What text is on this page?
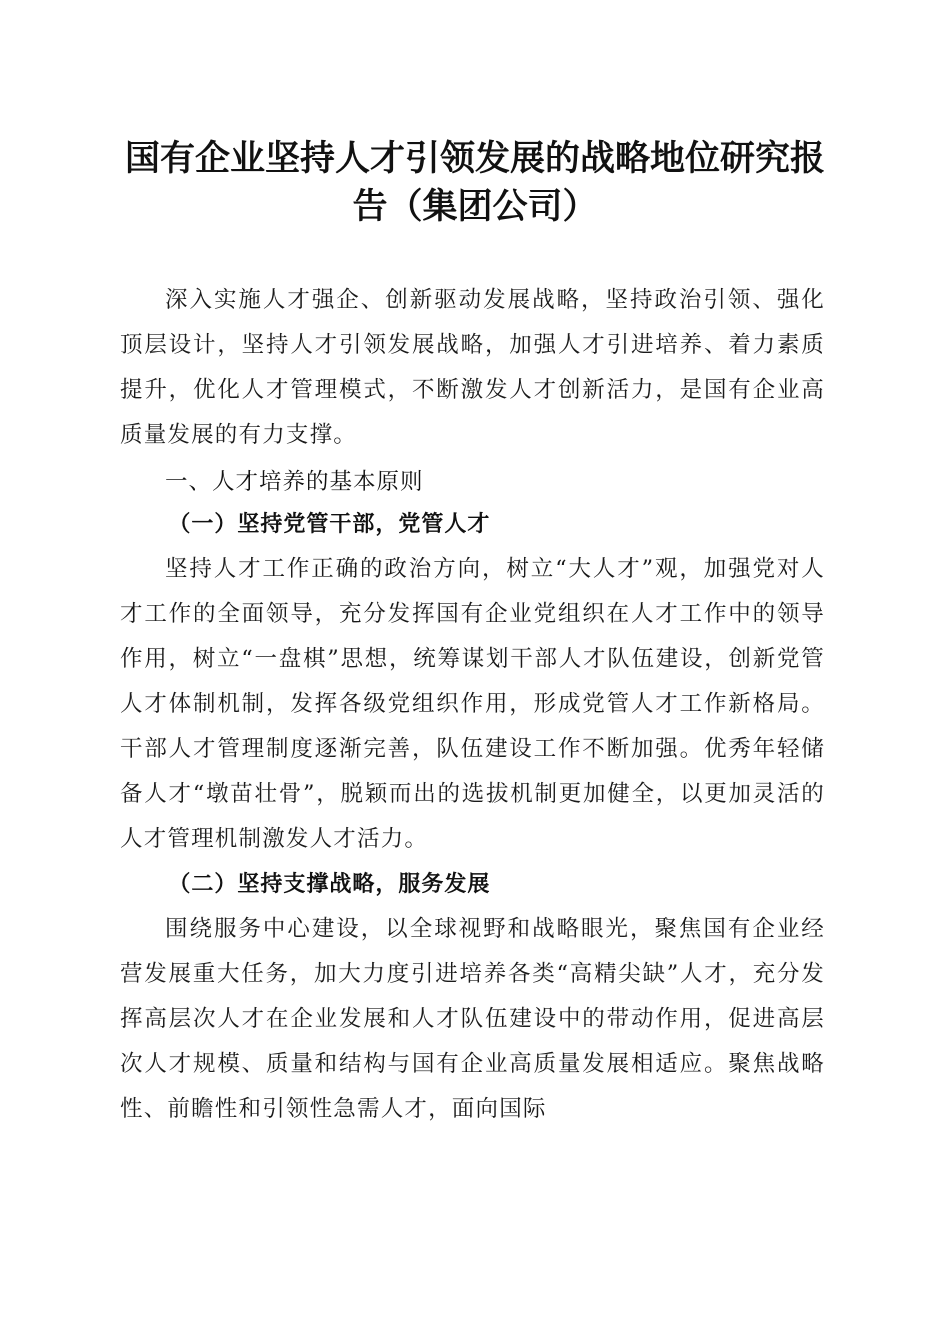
国有企业坚持人才引领发展的战略地位研究报
告（集团公司）

深入实施人才强企、创新驱动发展战略，坚持政治引领、强化顶层设计，坚持人才引领发展战略，加强人才引进培养、着力素质提升，优化人才管理模式，不断激发人才创新活力，是国有企业高质量发展的有力支撑。

一、人才培养的基本原则

（一）坚持党管干部，党管人才

坚持人才工作正确的政治方向，树立“大人才”观，加强党对人才工作的全面领导，充分发挥国有企业党组织在人才工作中的领导作用，树立“一盘棋”思想，统筹谋划干部人才队伍建设，创新党管人才体制机制，发挥各级党组织作用，形成党管人才工作新格局。干部人才管理制度逐渐完善，队伍建设工作不断加强。优秀年轻储备人才“墩苗壮骨”，脱颖而出的选拔机制更加健全，以更加灵活的人才管理机制激发人才活力。

（二）坚持支撑战略，服务发展

围绕服务中心建设，以全球视野和战略眼光，聚焦国有企业经营发展重大任务，加大力度引进培养各类“高精尖缺”人才，充分发挥高层次人才在企业发展和人才队伍建设中的带动作用，促进高层次人才规模、质量和结构与国有企业高质量发展相适应。聚焦战略性、前瞻性和引领性急需人才，面向国际
